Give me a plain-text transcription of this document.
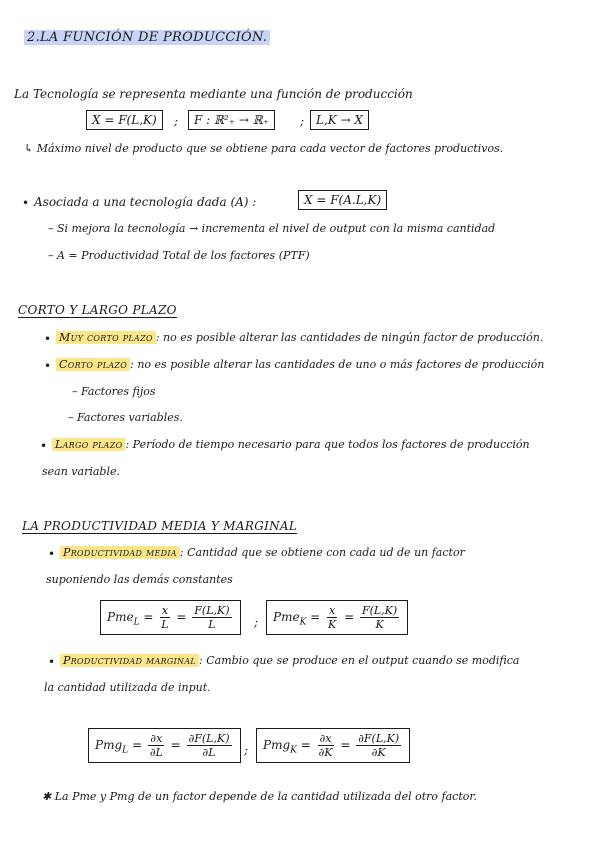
2.LA FUNCIÓN DE PRODUCCIÓN.
La Tecnología se representa mediante una función de producción
X = F(L,K)	;	F : ℝ²₊ → ℝ₊	; L,K → X
↳ Máximo nivel de producto que se obtiene para cada vector de factores productivos.
• Asociada a una tecnología dada (A) :	X = F(A.L,K)
– Si mejora la tecnología → incrementa el nivel de output con la misma cantidad
– A = Productividad Total de los factores (PTF)
CORTO Y LARGO PLAZO
• Muy corto plazo : no es posible alterar las cantidades de ningún factor de producción.
• Corto plazo : no es posible alterar las cantidades de uno o más factores de producción
– Factores fijos
– Factores variables.
• Largo plazo : Período de tiempo necesario para que todos los factores de producción
sean variable.
LA PRODUCTIVIDAD MEDIA Y MARGINAL
• Productividad media : Cantidad que se obtiene con cada ud de un factor
suponiendo las demás constantes
$Pme_L = \frac{x}{L} = \frac{F(L,K)}{L}$ ;	$Pme_K = \frac{x}{K} = \frac{F(L,K)}{K}$
• Productividad marginal : Cambio que se produce en el output cuando se modifica
la cantidad utilizada de input.
$Pmg_L = \frac{\partial x}{\partial L} = \frac{\partial F(L,K)}{\partial L}$ ;	$Pmg_K = \frac{\partial x}{\partial K} = \frac{\partial F(L,K)}{\partial K}$
✱ La Pme y Pmg de un factor depende de la cantidad utilizada del otro factor.
